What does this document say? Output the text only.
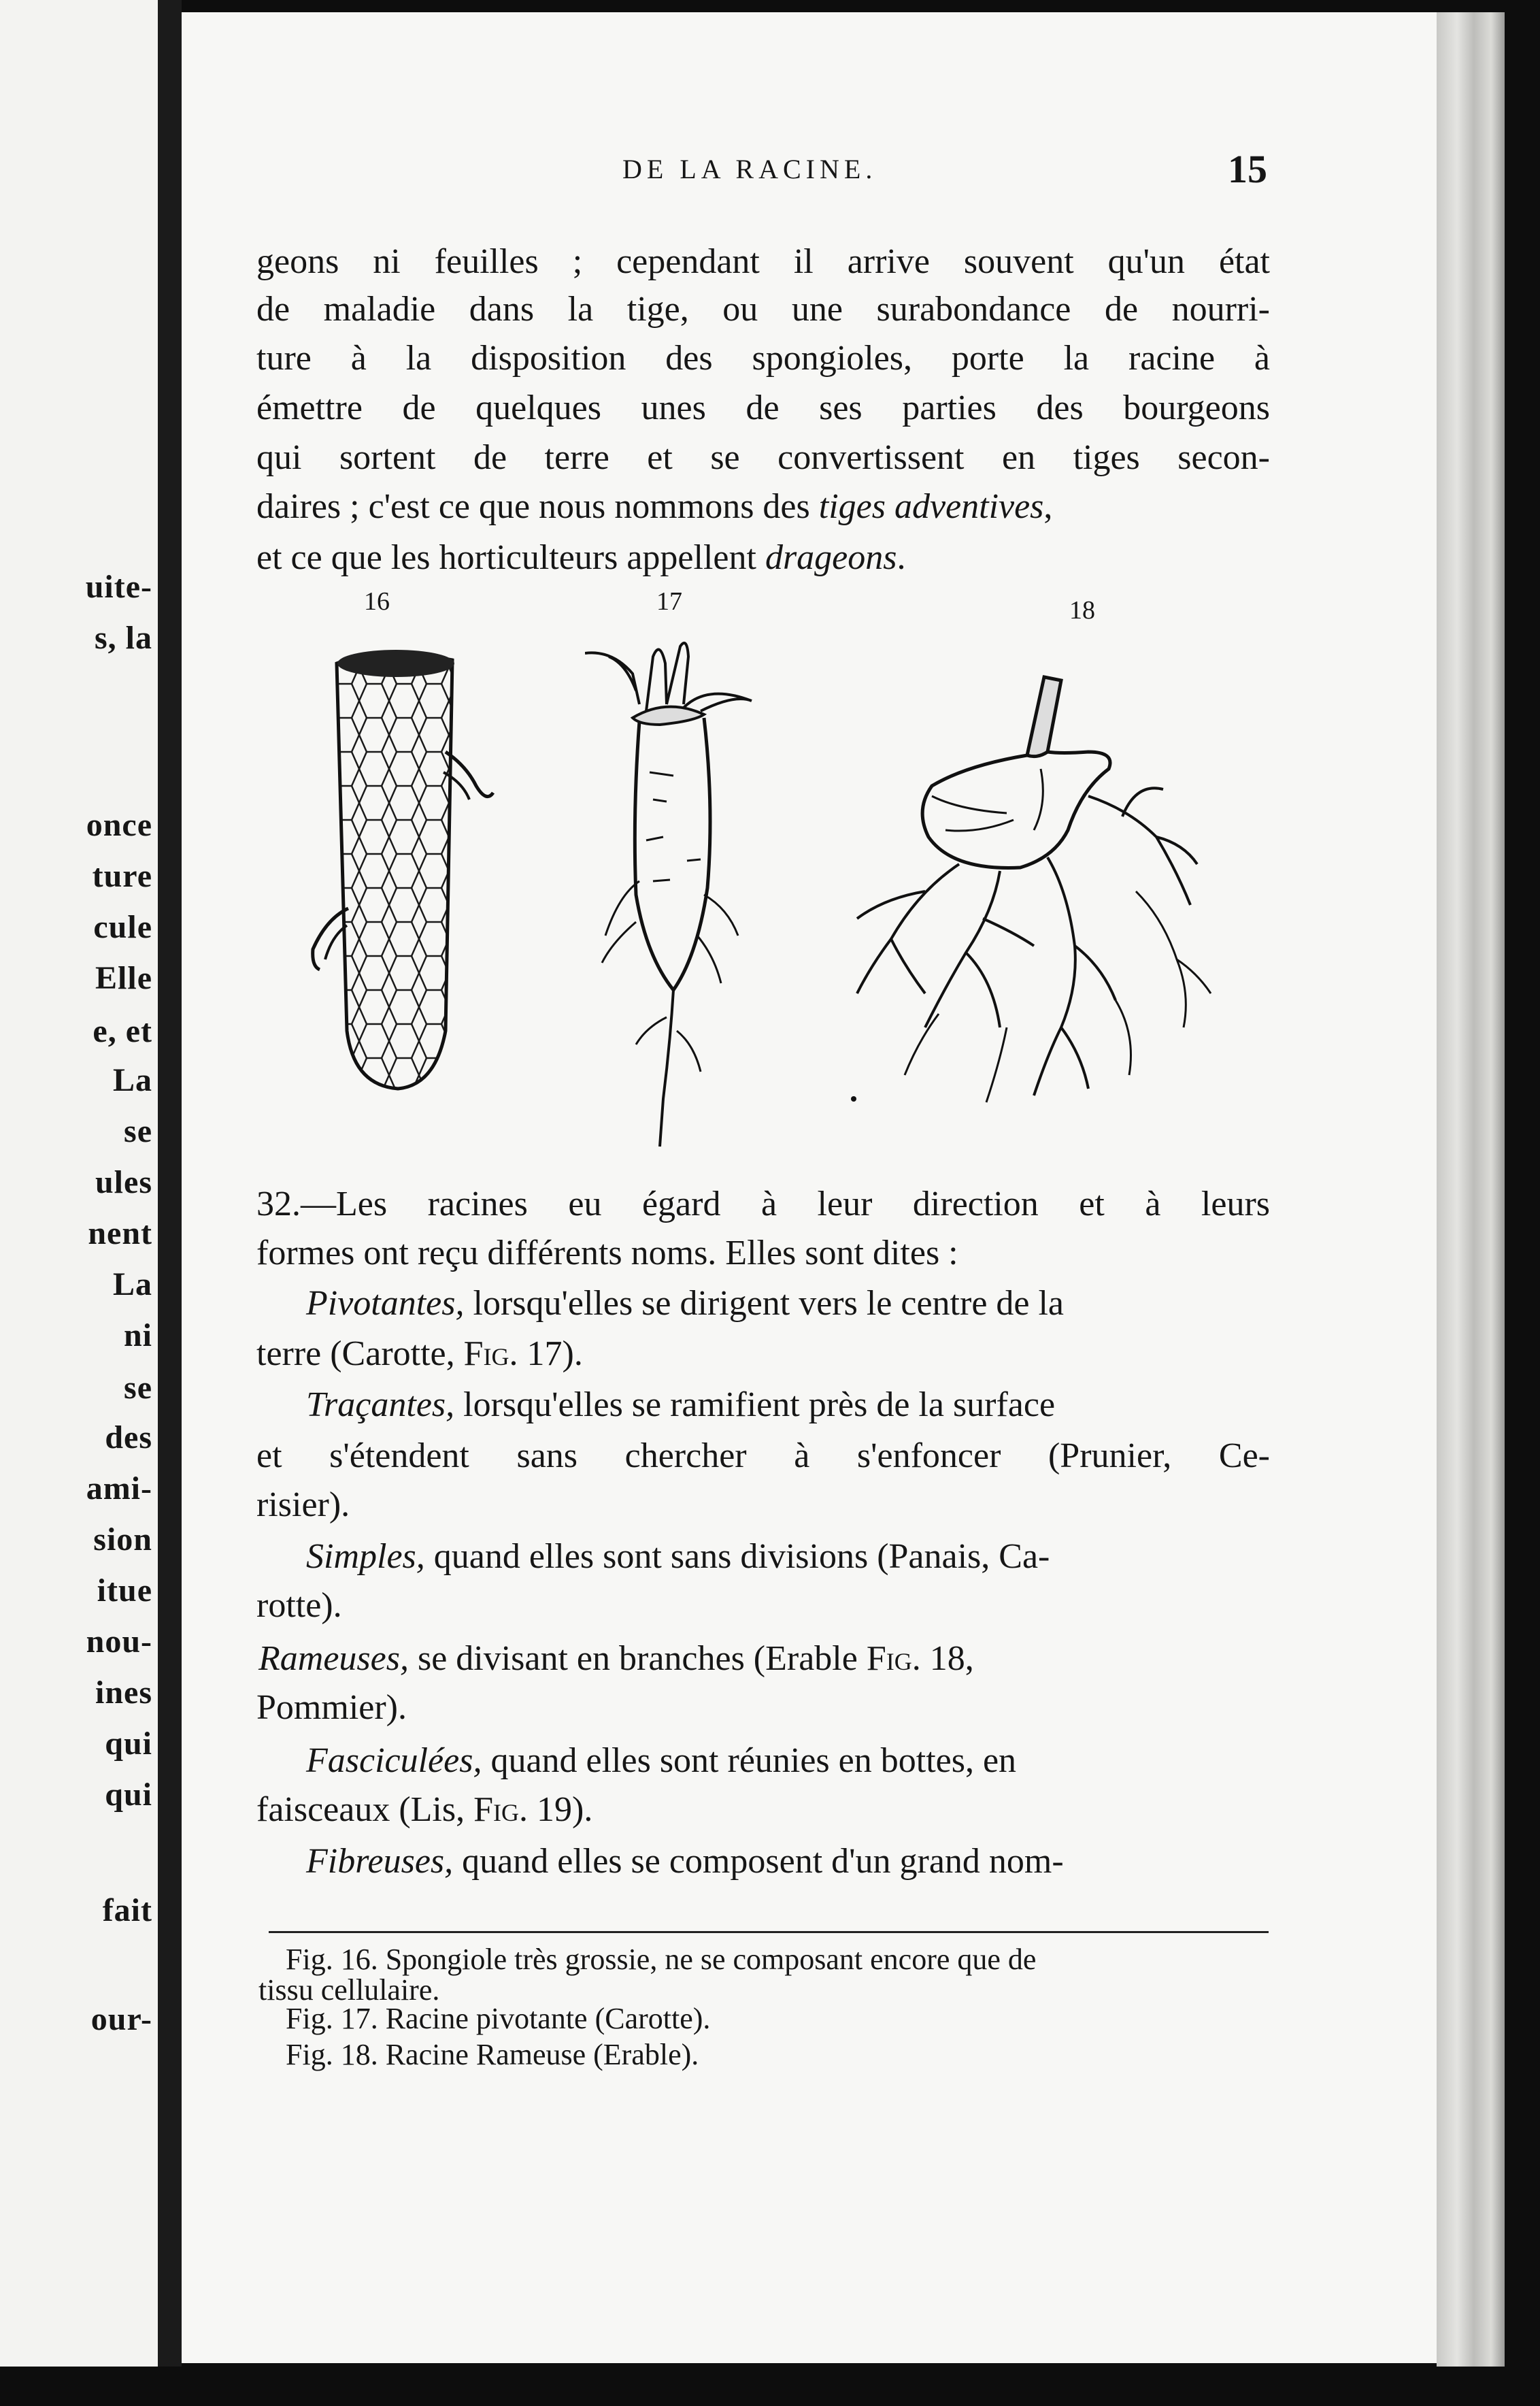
uite-
s, la
once
ture
cule
Elle
e, et
La
se
ules
nent
La
ni
se
des
ami-
sion
itue
nou-
ines
qui
qui
fait
our-
DE LA RACINE.	15
geons ni feuilles ; cependant il arrive souvent qu'un état
de maladie dans la tige, ou une surabondance de nourri-
ture à la disposition des spongioles, porte la racine à
émettre de quelques unes de ses parties des bourgeons
qui sortent de terre et se convertissent en tiges secon-
daires ; c'est ce que nous nommons des tiges adventives,
et ce que les horticulteurs appellent drageons.
16	17	18
32.—Les racines eu égard à leur direction et à leurs
formes ont reçu différents noms. Elles sont dites :
Pivotantes, lorsqu'elles se dirigent vers le centre de la
terre (Carotte, Fig. 17).
Traçantes, lorsqu'elles se ramifient près de la surface
et s'étendent sans chercher à s'enfoncer (Prunier, Ce-
risier).
Simples, quand elles sont sans divisions (Panais, Ca-
rotte).
Rameuses, se divisant en branches (Erable Fig. 18,
Pommier).
Fasciculées, quand elles sont réunies en bottes, en
faisceaux (Lis, Fig. 19).
Fibreuses, quand elles se composent d'un grand nom-
Fig. 16. Spongiole très grossie, ne se composant encore que de
tissu cellulaire.
Fig. 17. Racine pivotante (Carotte).
Fig. 18. Racine Rameuse (Erable).
